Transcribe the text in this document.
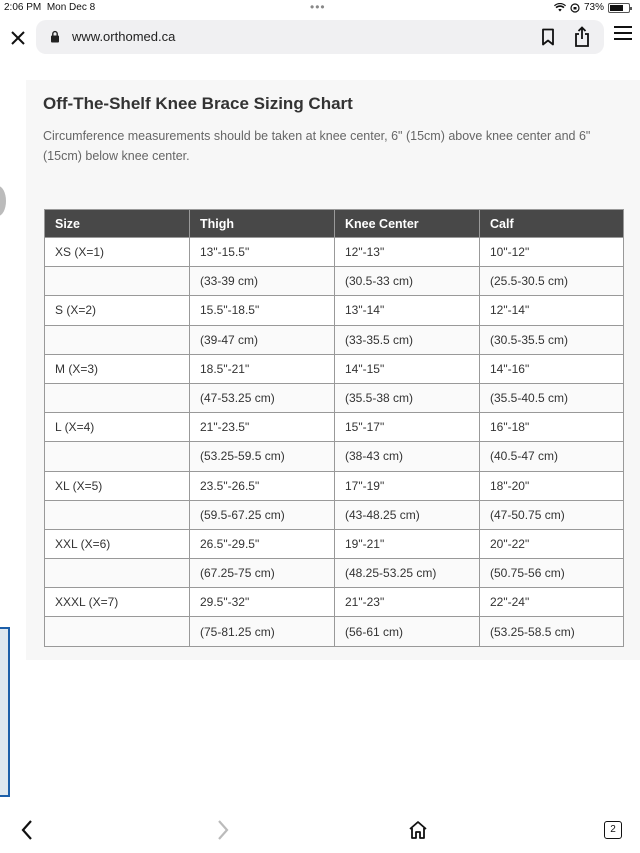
2:06 PM Mon Dec 8	•••	73%
www.orthomed.ca
Off-The-Shelf Knee Brace Sizing Chart
Circumference measurements should be taken at knee center, 6" (15cm) above knee center and 6" (15cm) below knee center.
Size	Thigh	Knee Center	Calf
XS (X=1)	13"-15.5"	12"-13"	10"-12"
	(33-39 cm)	(30.5-33 cm)	(25.5-30.5 cm)
S (X=2)	15.5"-18.5"	13"-14"	12"-14"
	(39-47 cm)	(33-35.5 cm)	(30.5-35.5 cm)
M (X=3)	18.5"-21"	14"-15"	14"-16"
	(47-53.25 cm)	(35.5-38 cm)	(35.5-40.5 cm)
L (X=4)	21"-23.5"	15"-17"	16"-18"
	(53.25-59.5 cm)	(38-43 cm)	(40.5-47 cm)
XL (X=5)	23.5"-26.5"	17"-19"	18"-20"
	(59.5-67.25 cm)	(43-48.25 cm)	(47-50.75 cm)
XXL (X=6)	26.5"-29.5"	19"-21"	20"-22"
	(67.25-75 cm)	(48.25-53.25 cm)	(50.75-56 cm)
XXXL (X=7)	29.5"-32"	21"-23"	22"-24"
	(75-81.25 cm)	(56-61 cm)	(53.25-58.5 cm)
2
